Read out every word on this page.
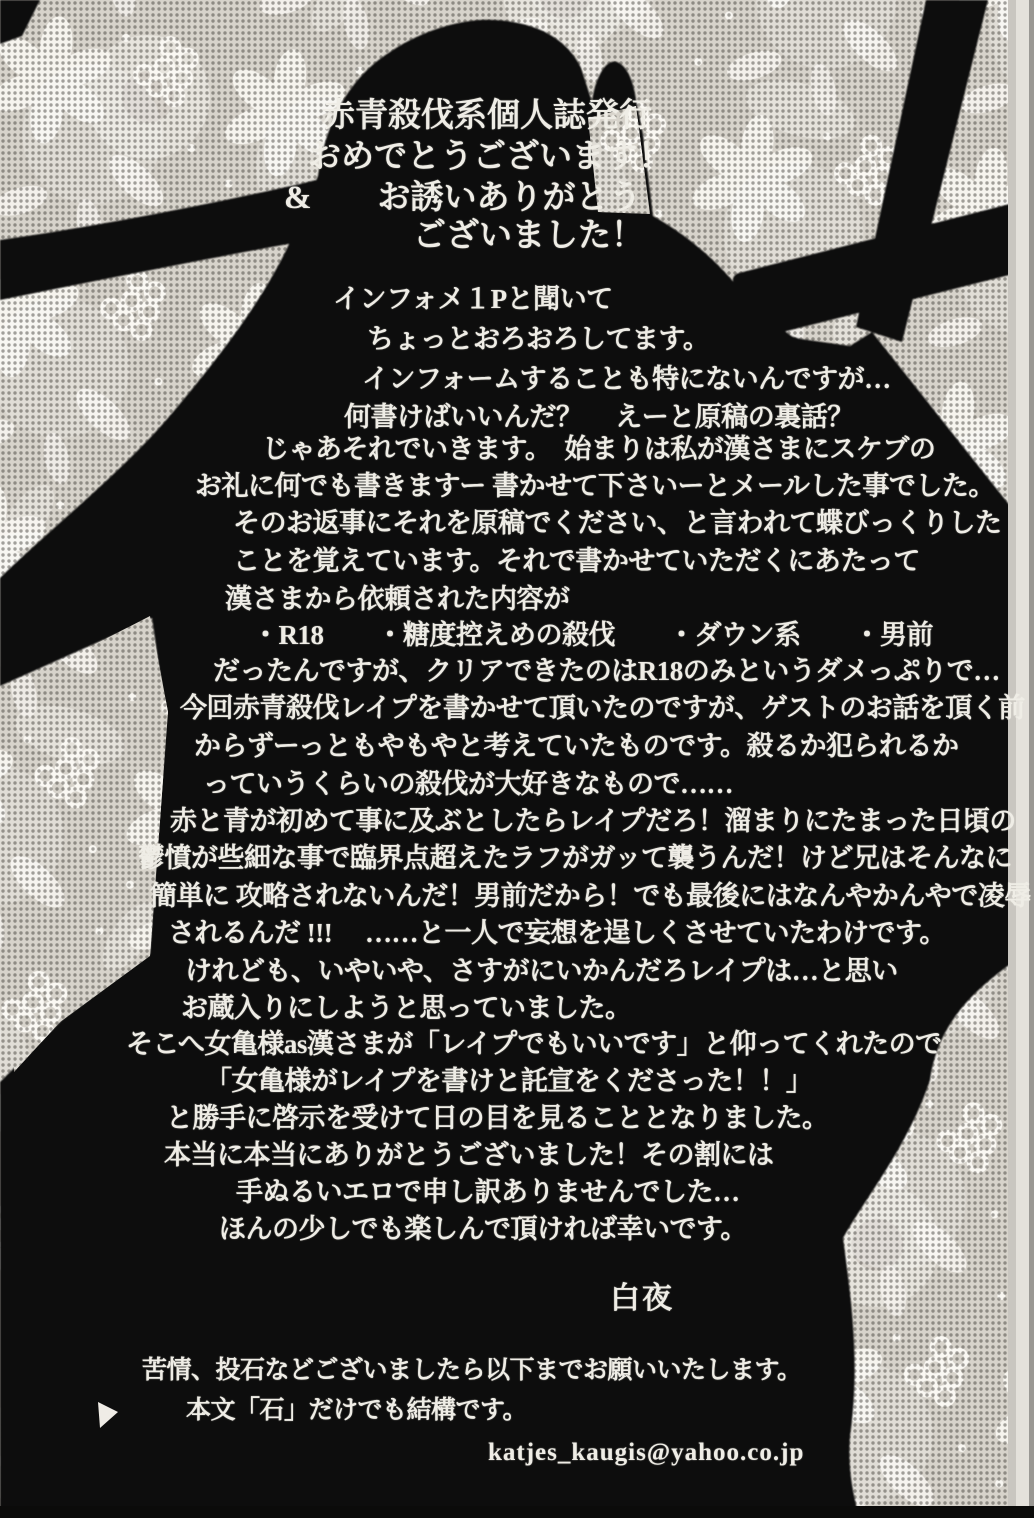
赤青殺伐系個人誌発行
おめでとうございます！
&　　お誘いありがとう
ございました！
インフォメ１Pと聞いて
ちょっとおろおろしてます。
インフォームすることも特にないんですが…
何書けばいいんだ？　 えーと原稿の裏話？
じゃあそれでいきます。　始まりは私が漢さまにスケブの
お礼に何でも書きますー 書かせて下さいーとメールした事でした。
そのお返事にそれを原稿でください、と言われて蝶びっくりした
ことを覚えています。それで書かせていただくにあたって
漢さまから依頼された内容が
・R18　　・糖度控えめの殺伐　　・ダウン系　　・男前
だったんですが、クリアできたのはR18のみというダメっぷりで…
今回赤青殺伐レイプを書かせて頂いたのですが、ゲストのお話を頂く前
からずーっともやもやと考えていたものです。殺るか犯られるか
っていうくらいの殺伐が大好きなもので……
赤と青が初めて事に及ぶとしたらレイプだろ！溜まりにたまった日頃の
鬱憤が些細な事で臨界点超えたラフがガッて襲うんだ！けど兄はそんなに
簡単に 攻略されないんだ！男前だから！でも最後にはなんやかんやで凌辱
されるんだ !!!　 ……と一人で妄想を逞しくさせていたわけです。
けれども、いやいや、さすがにいかんだろレイプは…と思い
お蔵入りにしようと思っていました。
そこへ女亀様as漢さまが「レイプでもいいです」と仰ってくれたので
「女亀様がレイプを書けと託宣をくださった！！」
と勝手に啓示を受けて日の目を見ることとなりました。
本当に本当にありがとうございました！その割には
手ぬるいエロで申し訳ありませんでした…
ほんの少しでも楽しんで頂ければ幸いです。
白夜
苦情、投石などございましたら以下までお願いいたします。
本文「石」だけでも結構です。
katjes_kaugis@yahoo.co.jp
